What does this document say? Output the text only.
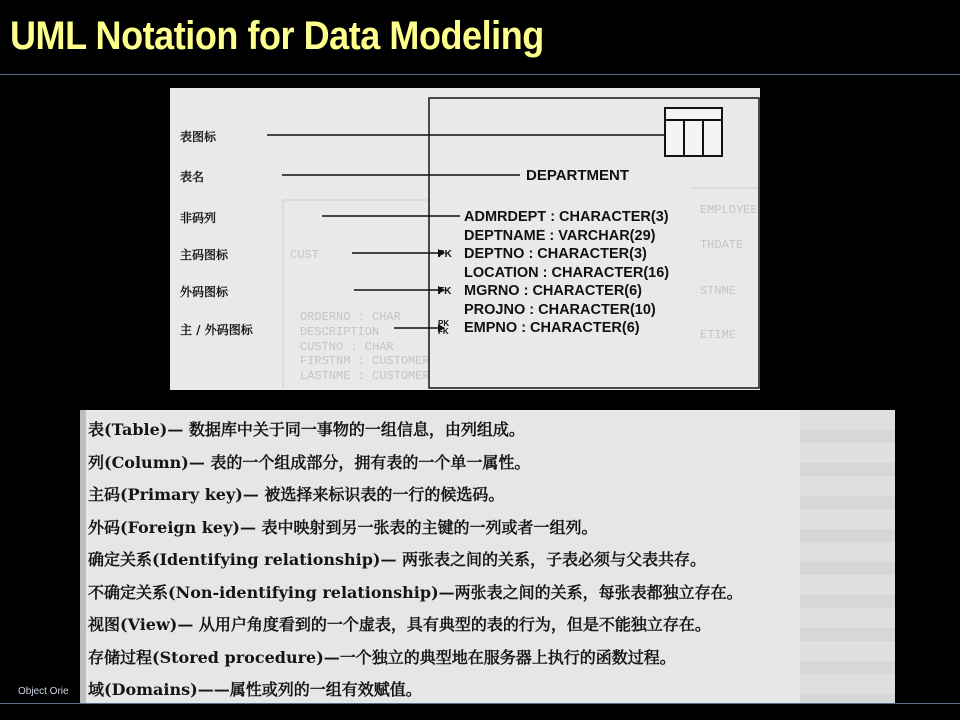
UML Notation for Data Modeling
CUST
ORDERNO : CHAR
DESCRIPTION
CUSTNO : CHAR
FIRSTNM : CUSTOMER
LASTNME : CUSTOMER
EMPLOYEE
THDATE
STNME
ETIME
表图标
表名
非码列
主码图标
外码图标
主 / 外码图标
DEPARTMENT
ADMRDEPT : CHARACTER(3)
DEPTNAME : VARCHAR(29)
PK DEPTNO : CHARACTER(3)
LOCATION : CHARACTER(16)
FK MGRNO : CHARACTER(6)
PROJNO : CHARACTER(10)
PK FK	EMPNO : CHARACTER(6)
表(Table)— 数据库中关于同一事物的一组信息，由列组成。
列(Column)— 表的一个组成部分，拥有表的一个单一属性。
主码(Primary key)— 被选择来标识表的一行的候选码。
外码(Foreign key)— 表中映射到另一张表的主键的一列或者一组列。
确定关系(Identifying relationship)— 两张表之间的关系，子表必须与父表共存。
不确定关系(Non-identifying relationship)—两张表之间的关系，每张表都独立存在。
视图(View)— 从用户角度看到的一个虚表，具有典型的表的行为，但是不能独立存在。
存储过程(Stored procedure)—一个独立的典型地在服务器上执行的函数过程。
域(Domains)——属性或列的一组有效赋值。
Object Orie
